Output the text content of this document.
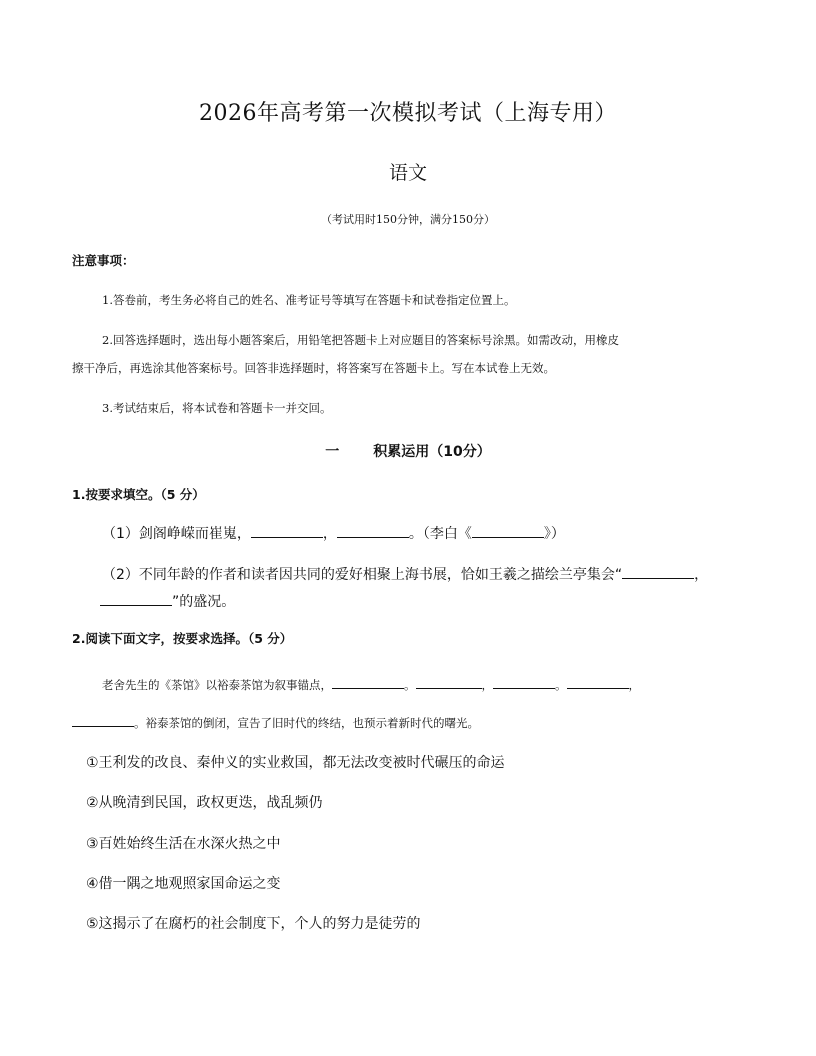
2026年高考第一次模拟考试（上海专用）
语文
（考试用时150分钟，满分150分）
注意事项：
1.答卷前，考生务必将自己的姓名、准考证号等填写在答题卡和试卷指定位置上。
2.回答选择题时，选出每小题答案后，用铅笔把答题卡上对应题目的答案标号涂黑。如需改动，用橡皮
擦干净后，再选涂其他答案标号。回答非选择题时，将答案写在答题卡上。写在本试卷上无效。
3.考试结束后，将本试卷和答题卡一并交回。
一 积累运用（10分）
1.按要求填空。（5 分）
（1）剑阁峥嵘而崔嵬，	，	。（李白《	》）
（2）不同年龄的作者和读者因共同的爱好相聚上海书展，恰如王羲之描绘兰亭集会“	，
”的盛况。
2.阅读下面文字，按要求选择。（5 分）
老舍先生的《茶馆》以裕泰茶馆为叙事锚点，	。	，	。	，
。裕泰茶馆的倒闭，宣告了旧时代的终结，也预示着新时代的曙光。
①王利发的改良、秦仲义的实业救国，都无法改变被时代碾压的命运
②从晚清到民国，政权更迭，战乱频仍
③百姓始终生活在水深火热之中
④借一隅之地观照家国命运之变
⑤这揭示了在腐朽的社会制度下，个人的努力是徒劳的
